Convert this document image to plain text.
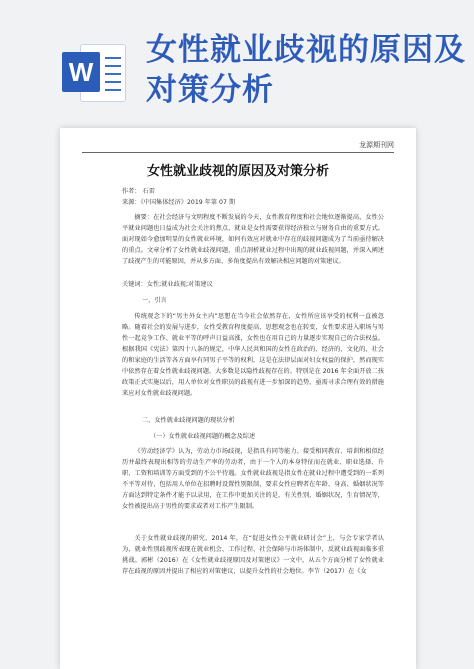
W
女性就业歧视的原因及对策分析
龙源期刊网
女性就业歧视的原因及对策分析
作者： 石雷
来源：《中国集体经济》2019 年第 07 期

摘要：在社会经济与文明程度不断发展的今天，女性教育程度和社会地位逐渐提高，女性公平就业问题也日益成为社会关注的焦点，就业是女性需要获得经济独立与财务自由的重要方式。面对现如今愈加明显的女性就业环境，如何有效应对就业中存在的歧视问题成为了当前亟待解决的重点。文章分析了女性就业歧视问题，重点剖析就业过程中出现的就业歧视问题，并深入阐述了歧视产生的可能原因，并从多方面、多角度提出有效解决相应问题的对策建议。

关键词：女性;就业歧视;对策建议
一、引言

传统观念下的“男主外女主内”思想在当今社会依然存在，女性所应该享受的权利一直被忽略。随着社会的发展与进步，女性受教育程度提高，思想观念也在转变，女性要求进入职场与男性一起竞争工作、就业平等的呼声日益高涨，女性也在用自己的力量逐步实现自己的合法权益。根据我国《宪法》第四十八条的规定，中华人民共和国的女性在政治的、经济的、文化的、社会的和家庭的生活等各方面享有同男子平等的权利，这是在法律层面对妇女权益的保护，然而现实中依然存在着女性就业歧视问题。大多数是以隐性歧视存在的。特别是在 2016 年全面开放二孩政策正式实施以后，用人单位对女性职员的歧视有进一步加深的趋势，亟需寻求合理有效的措施来应对女性就业歧视问题。

二、女性就业歧视问题的现状分析
（一）女性就业歧视问题的概念及综述

《劳动经济学》认为，劳动力市场歧视，是指具有同等能力、接受相同教育、培训和相似经历并最终表现出相等的劳动生产率的劳动者，由于一个人的本身特征而在就业、职业选择、升职、工资和培训等方面受到的不公平待遇。女性就业歧视是指女性在就业过程中遭受到的一系列不平等对待，包括用人单位在招聘时设置性别限制，要求女性应聘者在年龄、身高、婚姻状况等方面达到特定条件才能予以录用，在工作中更加关注的是，有关性别，婚姻状况，生育情况等，女性被提出高于男性的要求或者对工作产生限制。

关于女性就业歧视的研究，2014 年，在“促进女性公平就业研讨会”上，与会专家学者认为，就业性别歧视所表现在就业机会、工作过程、社会保障与市场体制中，反就业歧视面临多重挑战。郭彬（2016）在《女性就业歧视原因及对策建议》一文中，从五个方面分析了女性就业存在歧视的原因并提出了相应的对策建议，以提升女性的社会地位。李节（2017）在《女
